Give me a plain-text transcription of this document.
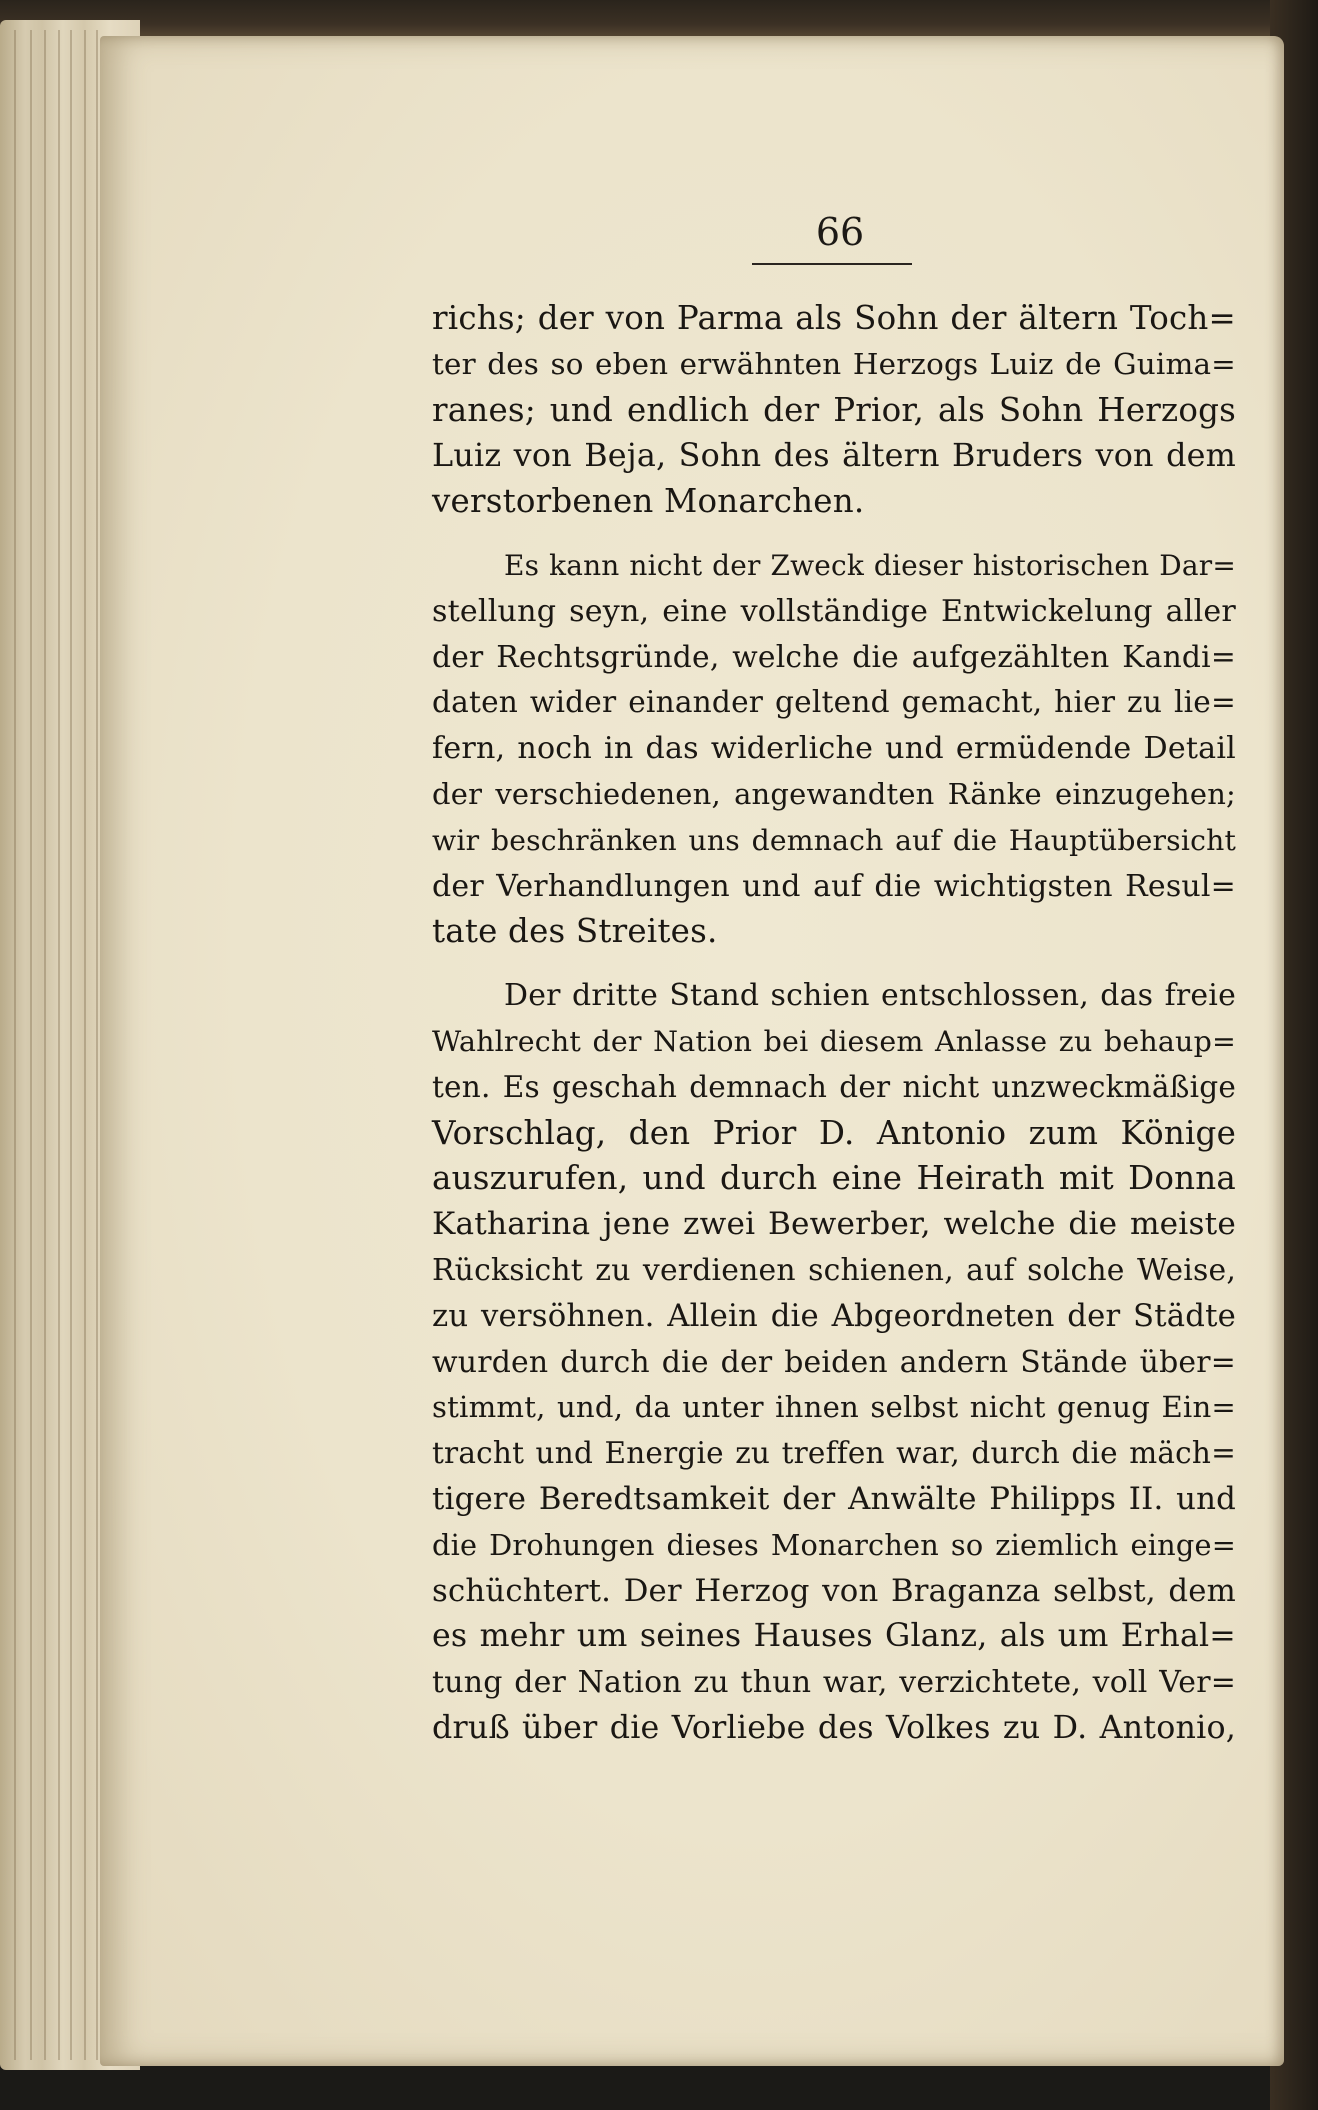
66
richs; der von Parma als Sohn der ältern Toch=
ter des so eben erwähnten Herzogs Luiz de Guima=
ranes; und endlich der Prior, als Sohn Herzogs
Luiz von Beja, Sohn des ältern Bruders von dem
verstorbenen Monarchen.
Es kann nicht der Zweck dieser historischen Dar=
stellung seyn, eine vollständige Entwickelung aller
der Rechtsgründe, welche die aufgezählten Kandi=
daten wider einander geltend gemacht, hier zu lie=
fern, noch in das widerliche und ermüdende Detail
der verschiedenen, angewandten Ränke einzugehen;
wir beschränken uns demnach auf die Hauptübersicht
der Verhandlungen und auf die wichtigsten Resul=
tate des Streites.
Der dritte Stand schien entschlossen, das freie
Wahlrecht der Nation bei diesem Anlasse zu behaup=
ten. Es geschah demnach der nicht unzweckmäßige
Vorschlag, den Prior D. Antonio zum Könige
auszurufen, und durch eine Heirath mit Donna
Katharina jene zwei Bewerber, welche die meiste
Rücksicht zu verdienen schienen, auf solche Weise,
zu versöhnen. Allein die Abgeordneten der Städte
wurden durch die der beiden andern Stände über=
stimmt, und, da unter ihnen selbst nicht genug Ein=
tracht und Energie zu treffen war, durch die mäch=
tigere Beredtsamkeit der Anwälte Philipps II. und
die Drohungen dieses Monarchen so ziemlich einge=
schüchtert. Der Herzog von Braganza selbst, dem
es mehr um seines Hauses Glanz, als um Erhal=
tung der Nation zu thun war, verzichtete, voll Ver=
druß über die Vorliebe des Volkes zu D. Antonio,
